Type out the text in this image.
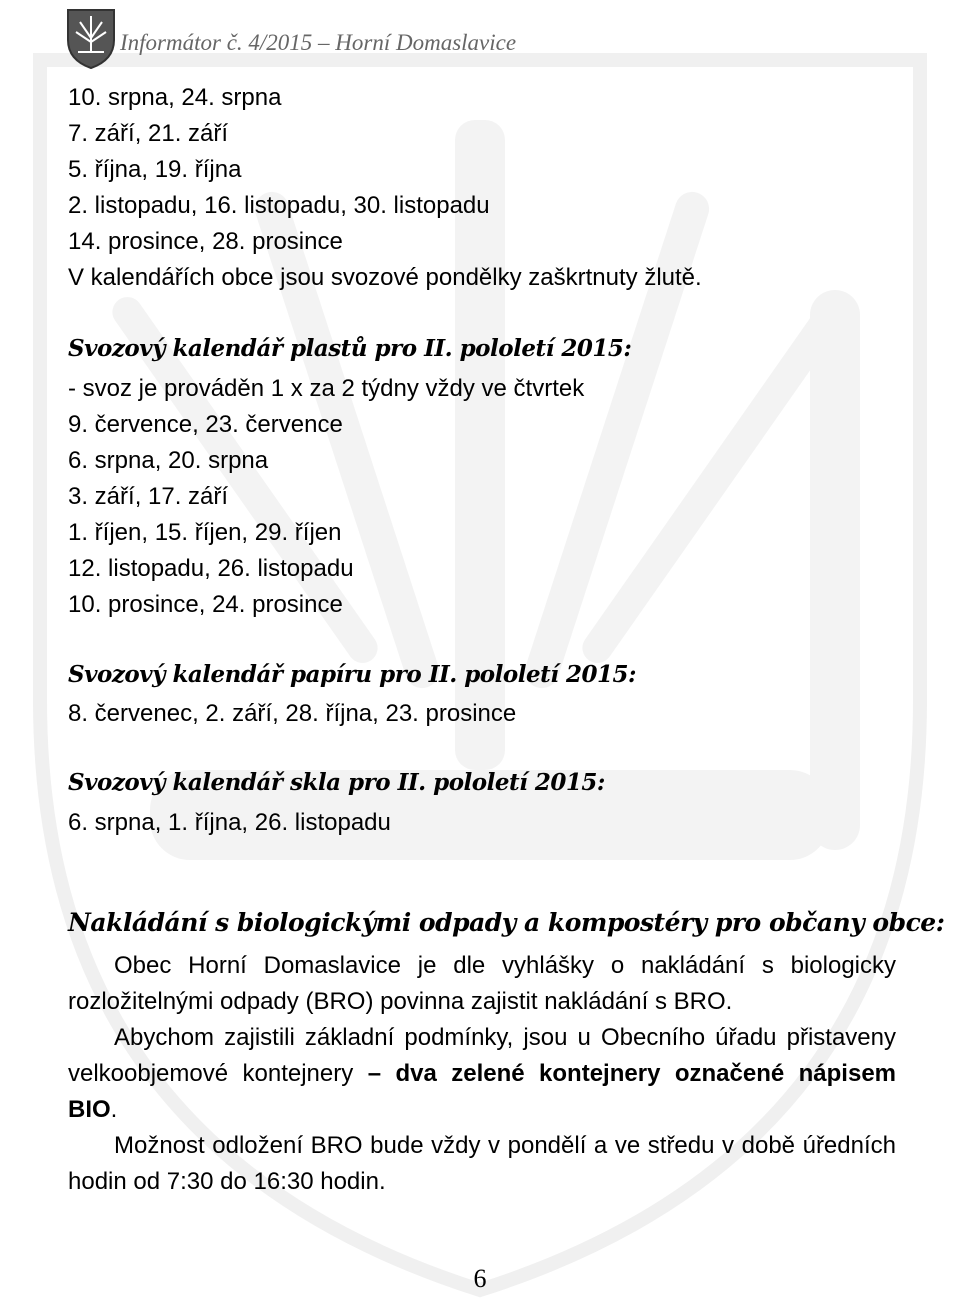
Informátor č. 4/2015 – Horní Domaslavice
10. srpna, 24. srpna
7. září, 21. září
5. října, 19. října
2. listopadu, 16. listopadu, 30. listopadu
14. prosince, 28. prosince
V kalendářích obce jsou svozové pondělky zaškrtnuty žlutě.
Svozový kalendář plastů pro II. pololetí 2015:
- svoz je prováděn 1 x za 2 týdny vždy ve čtvrtek
9. července, 23. července
6. srpna, 20. srpna
3. září, 17. září
1. říjen, 15. říjen, 29. říjen
12. listopadu, 26. listopadu
10. prosince, 24. prosince
Svozový kalendář papíru pro II. pololetí 2015:
8. červenec, 2. září, 28. října, 23. prosince
Svozový kalendář skla pro II. pololetí 2015:
6. srpna, 1. října, 26. listopadu
Nakládání s biologickými odpady a kompostéry pro občany obce:
Obec Horní Domaslavice je dle vyhlášky o nakládání s biologicky rozložitelnými odpady (BRO) povinna zajistit nakládání s BRO.
Abychom zajistili základní podmínky, jsou u Obecního úřadu přistaveny velkoobjemové kontejnery – dva zelené kontejnery označené nápisem BIO.
Možnost odložení BRO bude vždy v pondělí a ve středu v době úředních hodin od 7:30 do 16:30 hodin.
6
